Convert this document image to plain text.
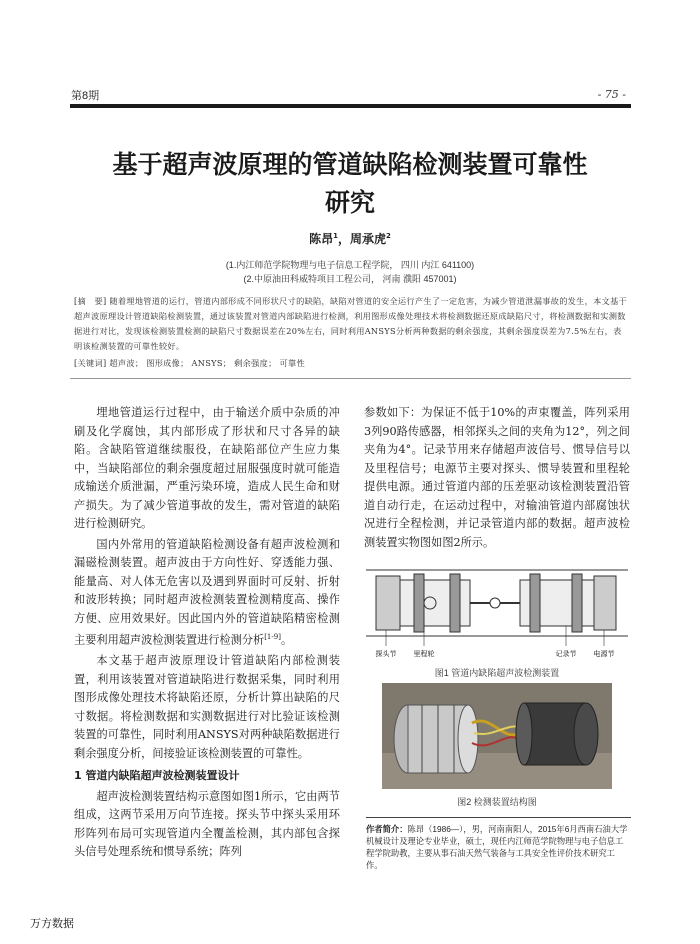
第8期	- 75 -
基于超声波原理的管道缺陷检测装置可靠性
研究
陈昂$^1$，周承虎$^2$
(1.内江师范学院物理与电子信息工程学院， 四川 内江 641100)
(2.中原油田科威特项目工程公司， 河南 濮阳 457001)
[摘　要] 随着埋地管道的运行，管道内部形成不同形状尺寸的缺陷，缺陷对管道的安全运行产生了一定危害，为减少管道泄漏事故的发生，本文基于超声波原理设计管道缺陷检测装置，通过该装置对管道内部缺陷进行检测，利用图形成像处理技术将检测数据还原成缺陷尺寸，将检测数据和实测数据进行对比，发现该检测装置检测的缺陷尺寸数据误差在20%左右，同时利用ANSYS分析两种数据的剩余强度，其剩余强度误差为7.5%左右，表明该检测装置的可靠性较好。
[关键词] 超声波； 图形成像； ANSYS； 剩余强度； 可靠性

埋地管道运行过程中，由于输送介质中杂质的冲刷及化学腐蚀，其内部形成了形状和尺寸各异的缺陷。含缺陷管道继续服役，在缺陷部位产生应力集中，当缺陷部位的剩余强度超过屈服强度时就可能造成输送介质泄漏，严重污染环境，造成人民生命和财产损失。为了减少管道事故的发生，需对管道的缺陷进行检测研究。

国内外常用的管道缺陷检测设备有超声波检测和漏磁检测装置。超声波由于方向性好、穿透能力强、能量高、对人体无危害以及遇到界面时可反射、折射和波形转换；同时超声波检测装置检测精度高、操作方便、应用效果好。因此国内外的管道缺陷精密检测主要利用超声波检测装置进行检测分析[1-9]。

本文基于超声波原理设计管道缺陷内部检测装置，利用该装置对管道缺陷进行数据采集，同时利用图形成像处理技术将缺陷还原，分析计算出缺陷的尺寸数据。将检测数据和实测数据进行对比验证该检测装置的可靠性，同时利用ANSYS对两种缺陷数据进行剩余强度分析，间接验证该检测装置的可靠性。

1 管道内缺陷超声波检测装置设计

超声波检测装置结构示意图如图1所示，它由两节组成，这两节采用万向节连接。探头节中探头采用环形阵列布局可实现管道内全覆盖检测，其内部包含探头信号处理系统和惯导系统；阵列

参数如下：为保证不低于10%的声束覆盖，阵列采用3列90路传感器，相邻探头之间的夹角为12°，列之间夹角为4°。记录节用来存储超声波信号、惯导信号以及里程信号；电源节主要对探头、惯导装置和里程轮提供电源。通过管道内部的压差驱动该检测装置沿管道自动行走，在运动过程中，对输油管道内部腐蚀状况进行全程检测，并记录管道内部的数据。超声波检测装置实物图如图2所示。

探头节 里程轮	记录节 电源节
图1 管道内缺陷超声波检测装置
图2 检测装置结构图
作者简介：陈昂（1986—），男，河南南阳人，2015年6月西南石油大学机械设计及理论专业毕业，硕士，现任内江师范学院物理与电子信息工程学院助教，主要从事石油天然气装备与工具安全性评价技术研究工作。
万方数据
